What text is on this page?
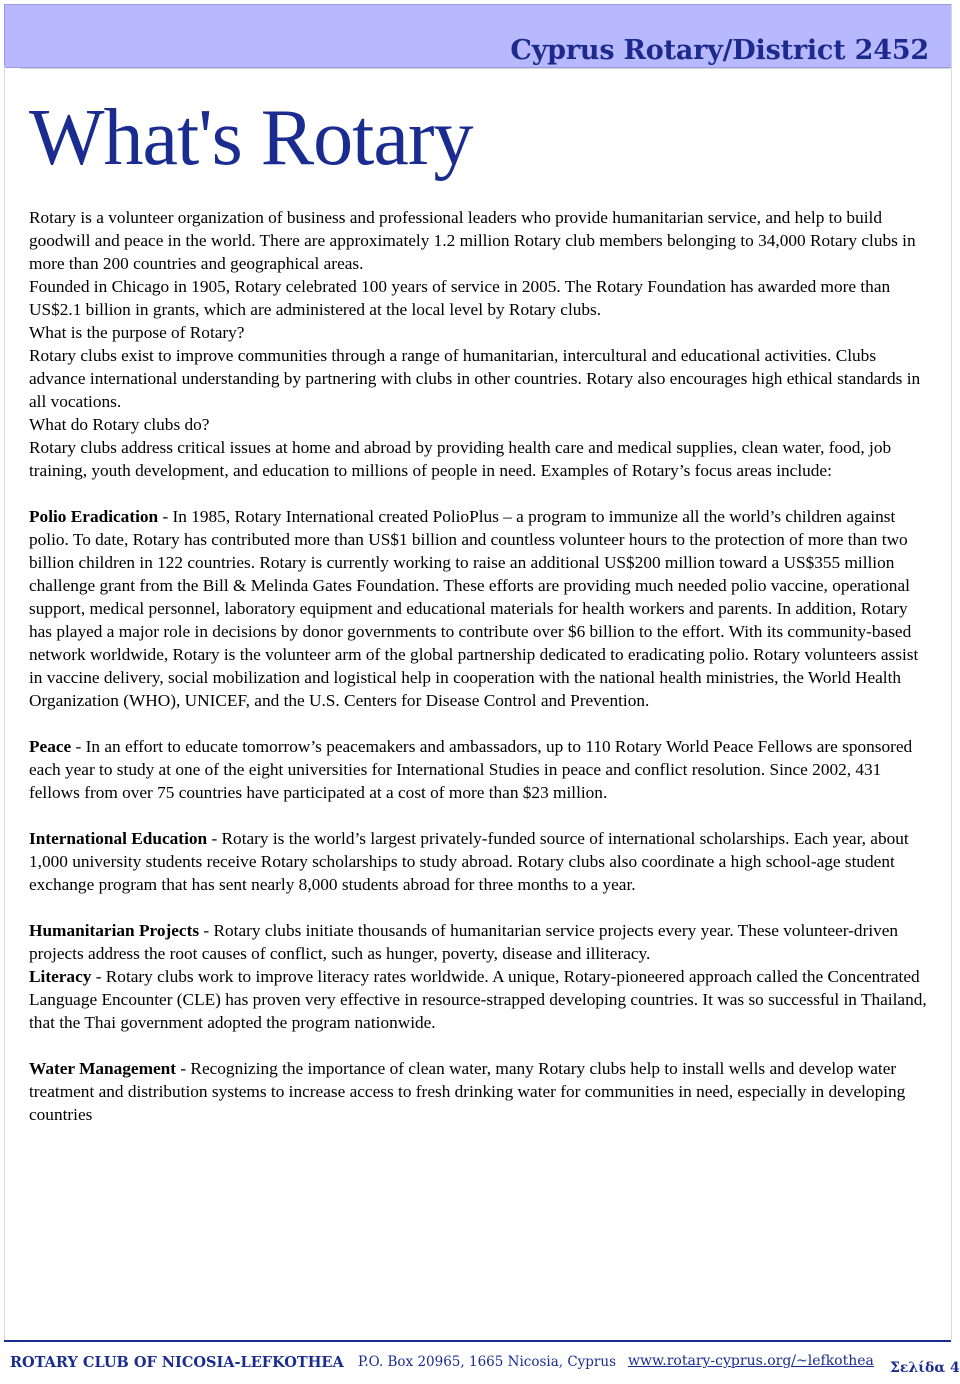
Cyprus Rotary/District 2452
What's Rotary

Rotary is a volunteer organization of business and professional leaders who provide humanitarian service, and help to build goodwill and peace in the world. There are approximately 1.2 million Rotary club members belonging to 34,000 Rotary clubs in more than 200 countries and geographical areas.

Founded in Chicago in 1905, Rotary celebrated 100 years of service in 2005. The Rotary Foundation has awarded more than US$2.1 billion in grants, which are administered at the local level by Rotary clubs.

What is the purpose of Rotary?

Rotary clubs exist to improve communities through a range of humanitarian, intercultural and educational activities. Clubs advance international understanding by partnering with clubs in other countries. Rotary also encourages high ethical standards in all vocations.

What do Rotary clubs do?

Rotary clubs address critical issues at home and abroad by providing health care and medical supplies, clean water, food, job training, youth development, and education to millions of people in need. Examples of Rotary’s focus areas include:

Polio Eradication - In 1985, Rotary International created PolioPlus – a program to immunize all the world’s children against polio. To date, Rotary has contributed more than US$1 billion and countless volunteer hours to the protection of more than two billion children in 122 countries. Rotary is currently working to raise an additional US$200 million toward a US$355 million challenge grant from the Bill & Melinda Gates Foundation. These efforts are providing much needed polio vaccine, operational support, medical personnel, laboratory equipment and educational materials for health workers and parents. In addition, Rotary has played a major role in decisions by donor governments to contribute over $6 billion to the effort. With its community-based network worldwide, Rotary is the volunteer arm of the global partnership dedicated to eradicating polio. Rotary volunteers assist in vaccine delivery, social mobilization and logistical help in cooperation with the national health ministries, the World Health Organization (WHO), UNICEF, and the U.S. Centers for Disease Control and Prevention.

Peace - In an effort to educate tomorrow’s peacemakers and ambassadors, up to 110 Rotary World Peace Fellows are sponsored each year to study at one of the eight universities for International Studies in peace and conflict resolution. Since 2002, 431 fellows from over 75 countries have participated at a cost of more than $23 million.

International Education - Rotary is the world’s largest privately-funded source of international scholarships. Each year, about 1,000 university students receive Rotary scholarships to study abroad. Rotary clubs also coordinate a high school-age student exchange program that has sent nearly 8,000 students abroad for three months to a year.

Humanitarian Projects - Rotary clubs initiate thousands of humanitarian service projects every year. These volunteer-driven projects address the root causes of conflict, such as hunger, poverty, disease and illiteracy.

Literacy - Rotary clubs work to improve literacy rates worldwide. A unique, Rotary-pioneered approach called the Concentrated Language Encounter (CLE) has proven very effective in resource-strapped developing countries. It was so successful in Thailand, that the Thai government adopted the program nationwide.

Water Management - Recognizing the importance of clean water, many Rotary clubs help to install wells and develop water treatment and distribution systems to increase access to fresh drinking water for communities in need, especially in developing countries

ROTARY CLUB OF NICOSIA-LEFKOTHEA P.O. Box 20965, 1665 Nicosia, Cyprus www.rotary-cyprus.org/~lefkothea Σελίδα 4
